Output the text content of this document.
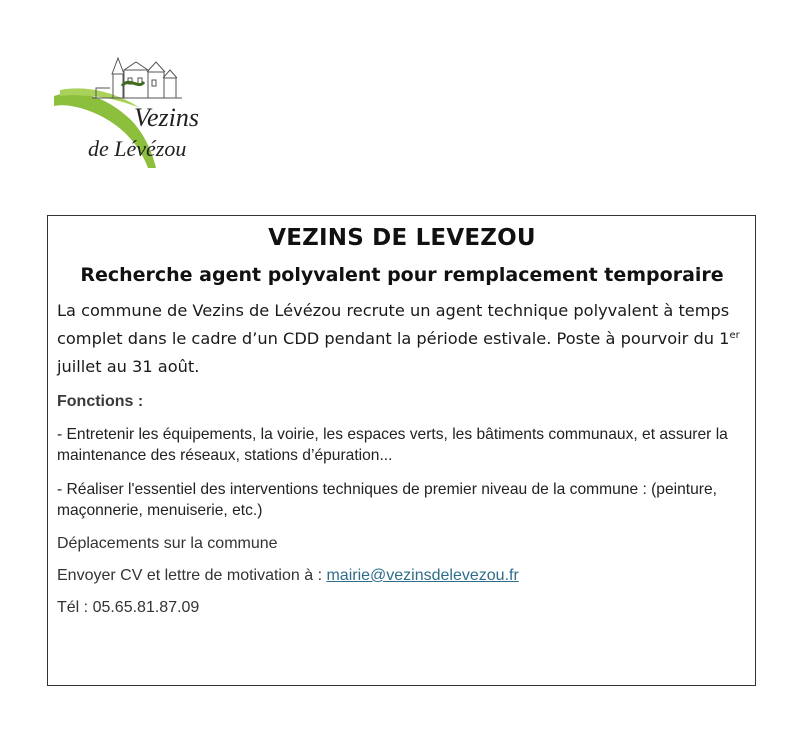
Vezins
de Lévézou
VEZINS DE LEVEZOU
Recherche agent polyvalent pour remplacement temporaire
La commune de Vezins de Lévézou recrute un agent technique polyvalent à temps complet dans le cadre d’un CDD pendant la période estivale. Poste à pourvoir du 1er juillet au 31 août.
Fonctions :
- Entretenir les équipements, la voirie, les espaces verts, les bâtiments communaux, et assurer la maintenance des réseaux, stations d’épuration...
- Réaliser l'essentiel des interventions techniques de premier niveau de la commune : (peinture, maçonnerie, menuiserie, etc.)
Déplacements sur la commune
Envoyer CV et lettre de motivation à : mairie@vezinsdelevezou.fr
Tél : 05.65.81.87.09
